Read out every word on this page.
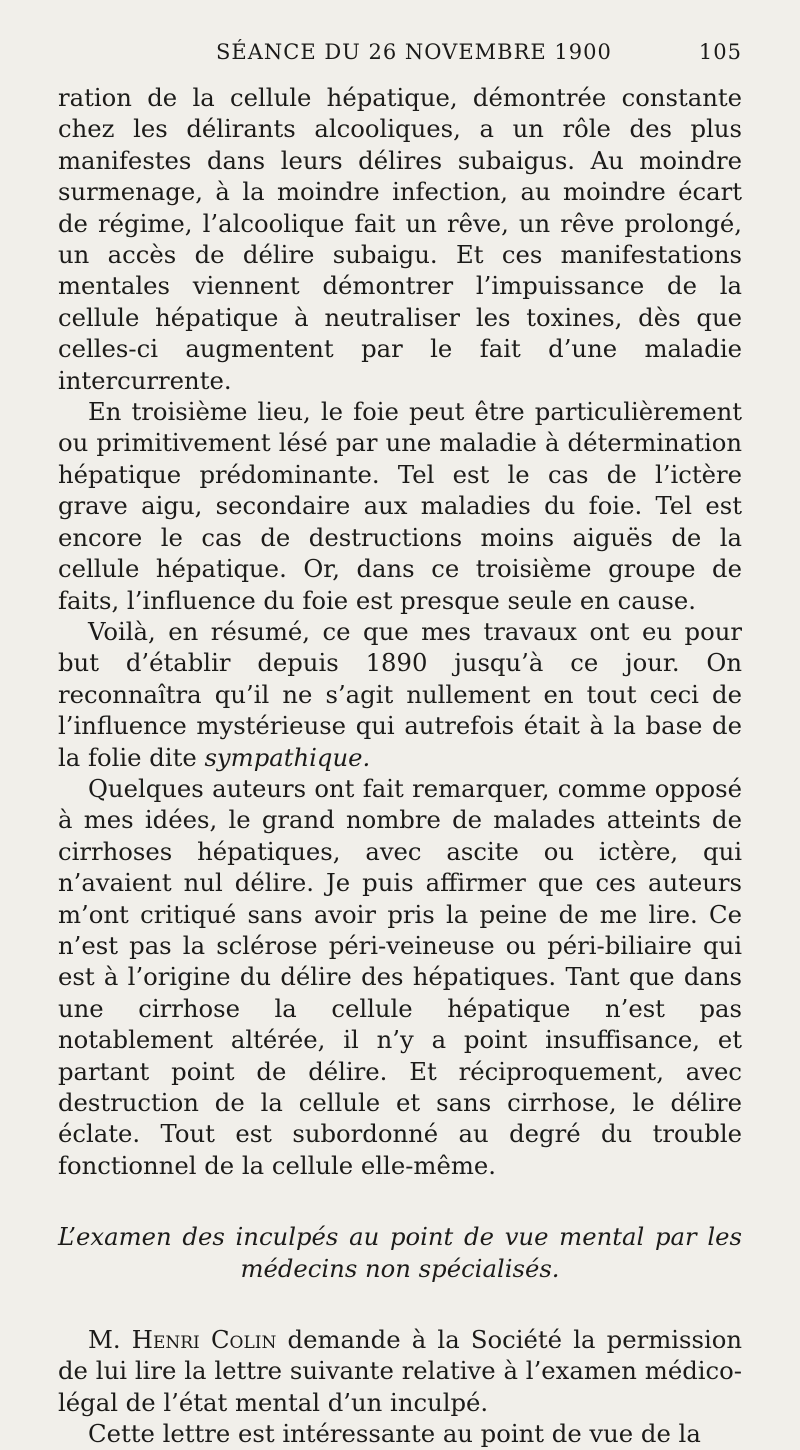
SÉANCE DU 26 NOVEMBRE 1900	105

ration de la cellule hépatique, démontrée constante chez les délirants alcooliques, a un rôle des plus manifestes dans leurs délires subaigus. Au moindre surmenage, à la moindre infection, au moindre écart de régime, l’alcoolique fait un rêve, un rêve prolongé, un accès de délire subaigu. Et ces manifestations mentales viennent démontrer l’impuissance de la cellule hépatique à neutraliser les toxines, dès que celles-ci augmentent par le fait d’une maladie intercurrente.

En troisième lieu, le foie peut être particulièrement ou primitivement lésé par une maladie à détermination hépatique prédominante. Tel est le cas de l’ictère grave aigu, secondaire aux maladies du foie. Tel est encore le cas de destructions moins aiguës de la cellule hépatique. Or, dans ce troisième groupe de faits, l’influence du foie est presque seule en cause.

Voilà, en résumé, ce que mes travaux ont eu pour but d’établir depuis 1890 jusqu’à ce jour. On reconnaîtra qu’il ne s’agit nullement en tout ceci de l’influence mystérieuse qui autrefois était à la base de la folie dite sympathique.

Quelques auteurs ont fait remarquer, comme opposé à mes idées, le grand nombre de malades atteints de cirrhoses hépatiques, avec ascite ou ictère, qui n’avaient nul délire. Je puis affirmer que ces auteurs m’ont critiqué sans avoir pris la peine de me lire. Ce n’est pas la sclérose péri-veineuse ou péri-biliaire qui est à l’origine du délire des hépatiques. Tant que dans une cirrhose la cellule hépatique n’est pas notablement altérée, il n’y a point insuffisance, et partant point de délire. Et réciproquement, avec destruction de la cellule et sans cirrhose, le délire éclate. Tout est subordonné au degré du trouble fonctionnel de la cellule elle-même.

L’examen des inculpés au point de vue mental par les
médecins non spécialisés.

M. Henri Colin demande à la Société la permission de lui lire la lettre suivante relative à l’examen médico-légal de l’état mental d’un inculpé.

Cette lettre est intéressante au point de vue de la
